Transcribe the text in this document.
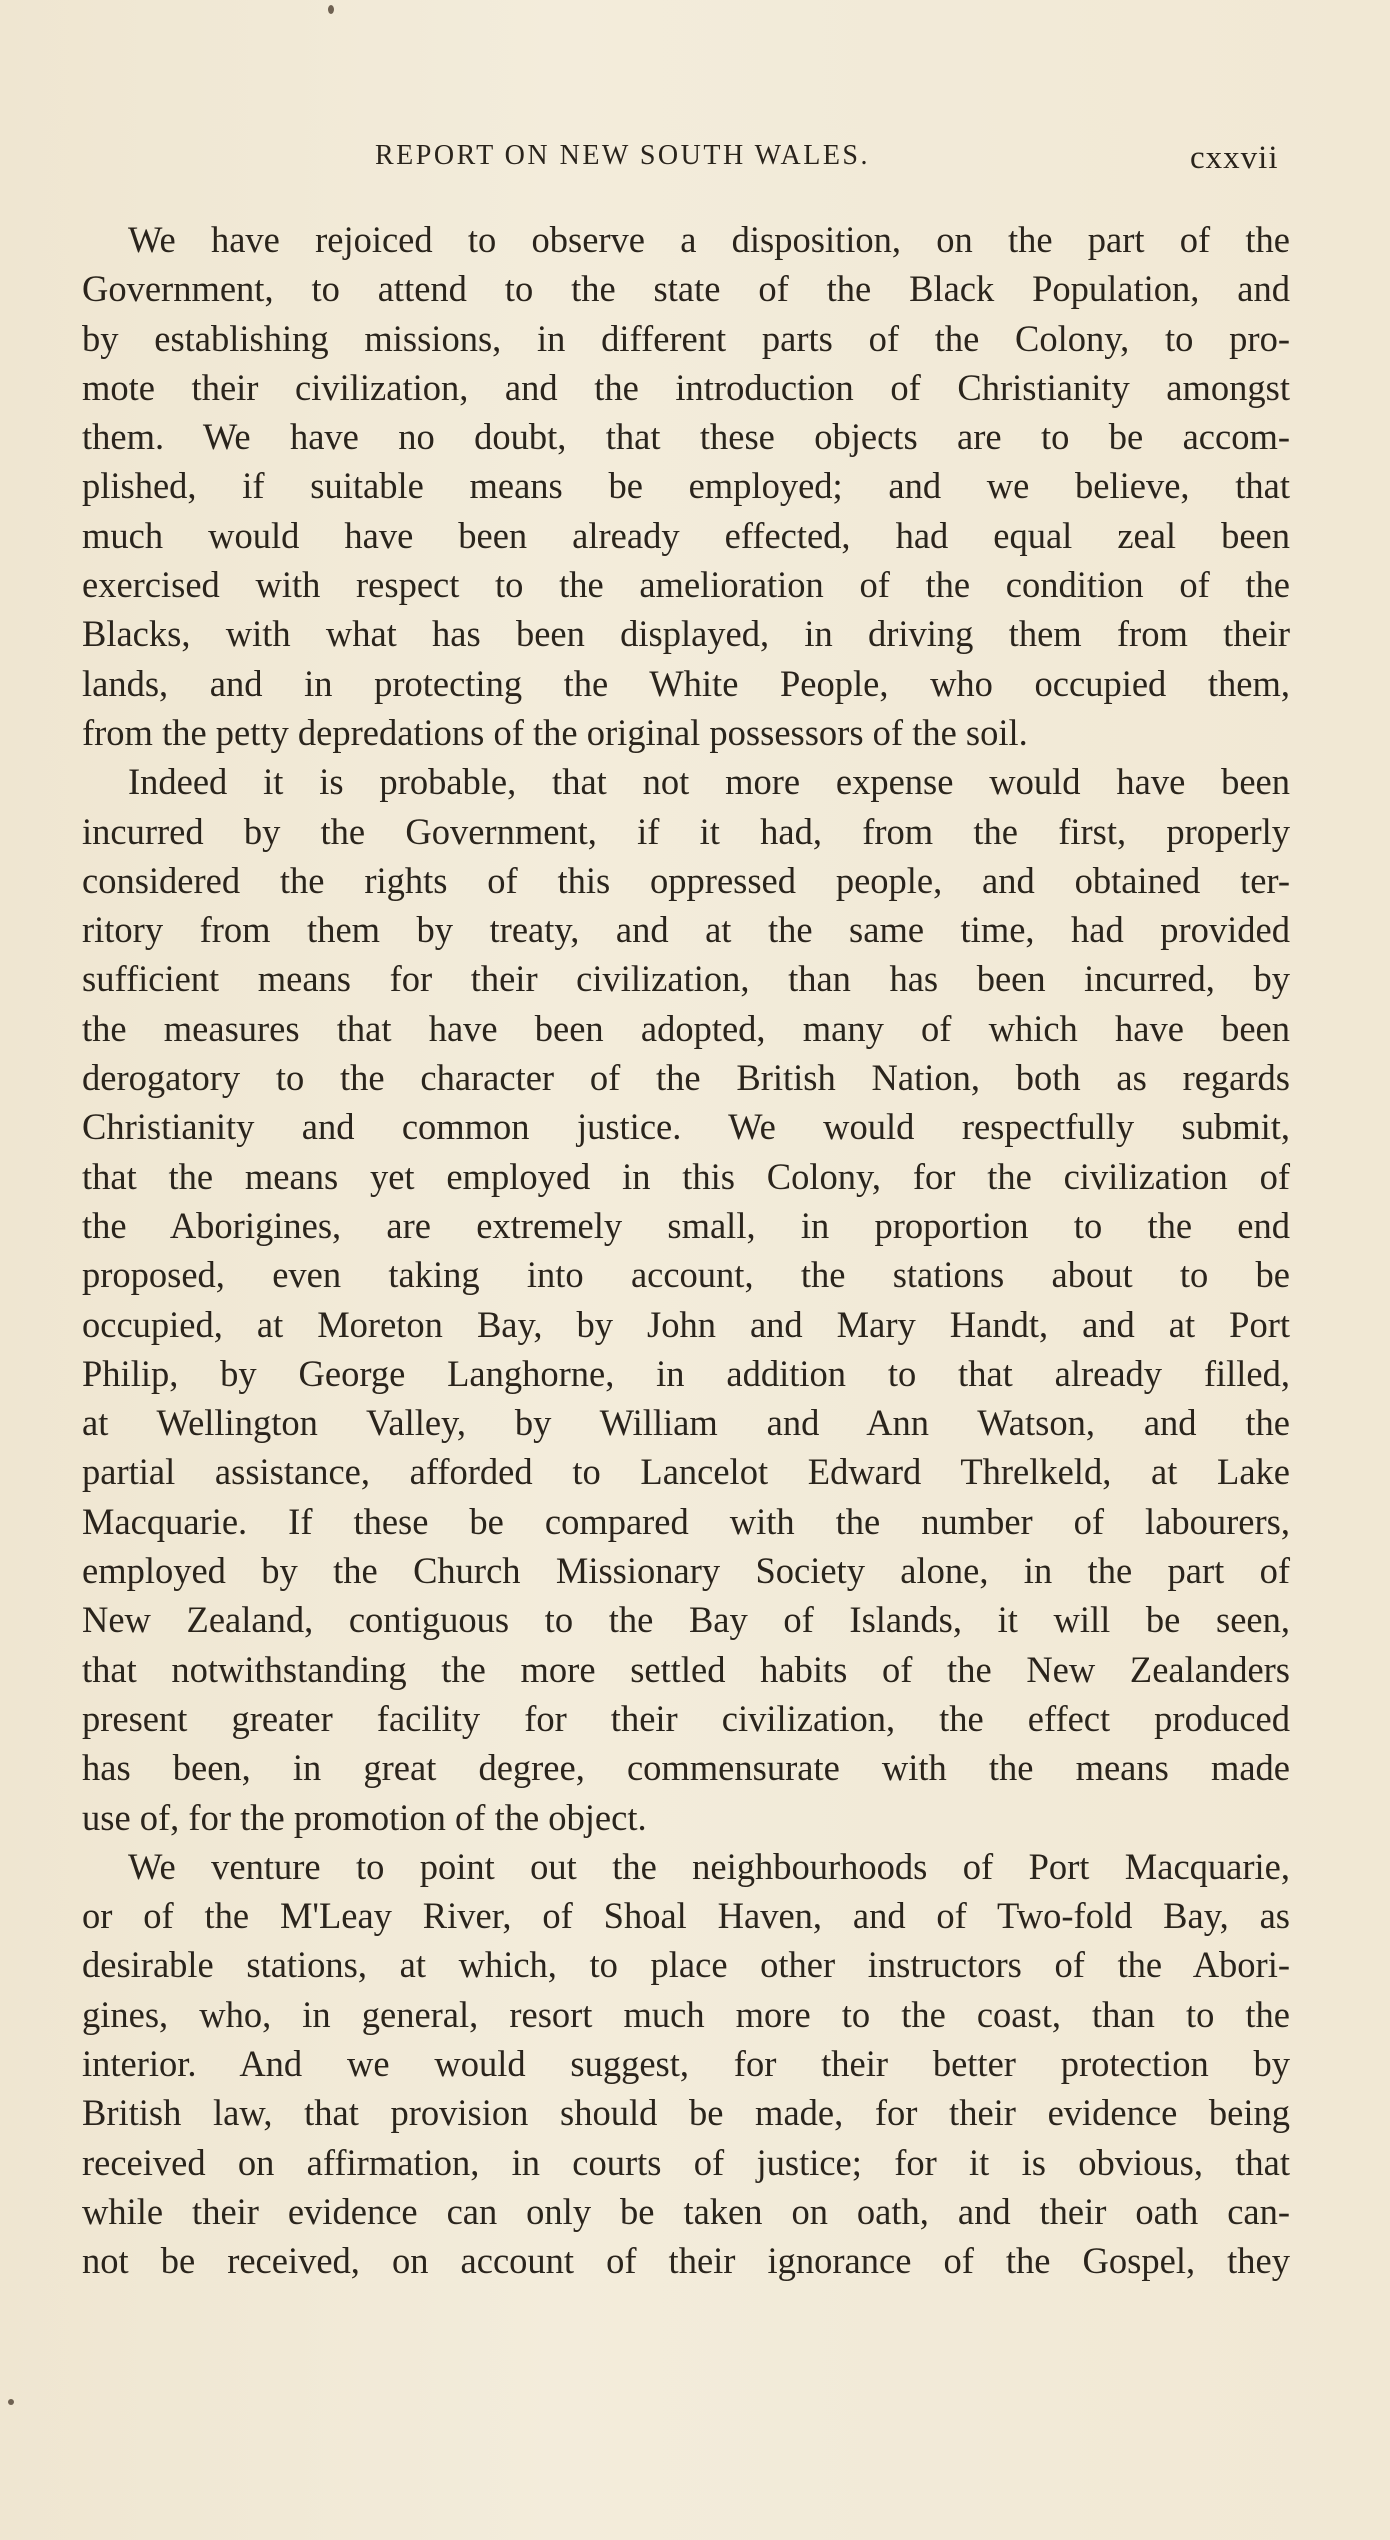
REPORT ON NEW SOUTH WALES.	cxxvii
We have rejoiced to observe a disposition, on the part of the
Government, to attend to the state of the Black Population, and
by establishing missions, in different parts of the Colony, to pro-
mote their civilization, and the introduction of Christianity amongst
them. We have no doubt, that these objects are to be accom-
plished, if suitable means be employed; and we believe, that
much would have been already effected, had equal zeal been
exercised with respect to the amelioration of the condition of the
Blacks, with what has been displayed, in driving them from their
lands, and in protecting the White People, who occupied them,
from the petty depredations of the original possessors of the soil.
Indeed it is probable, that not more expense would have been
incurred by the Government, if it had, from the first, properly
considered the rights of this oppressed people, and obtained ter-
ritory from them by treaty, and at the same time, had provided
sufficient means for their civilization, than has been incurred, by
the measures that have been adopted, many of which have been
derogatory to the character of the British Nation, both as regards
Christianity and common justice. We would respectfully submit,
that the means yet employed in this Colony, for the civilization of
the Aborigines, are extremely small, in proportion to the end
proposed, even taking into account, the stations about to be
occupied, at Moreton Bay, by John and Mary Handt, and at Port
Philip, by George Langhorne, in addition to that already filled,
at Wellington Valley, by William and Ann Watson, and the
partial assistance, afforded to Lancelot Edward Threlkeld, at Lake
Macquarie. If these be compared with the number of labourers,
employed by the Church Missionary Society alone, in the part of
New Zealand, contiguous to the Bay of Islands, it will be seen,
that notwithstanding the more settled habits of the New Zealanders
present greater facility for their civilization, the effect produced
has been, in great degree, commensurate with the means made
use of, for the promotion of the object.
We venture to point out the neighbourhoods of Port Macquarie,
or of the M'Leay River, of Shoal Haven, and of Two-fold Bay, as
desirable stations, at which, to place other instructors of the Abori-
gines, who, in general, resort much more to the coast, than to the
interior. And we would suggest, for their better protection by
British law, that provision should be made, for their evidence being
received on affirmation, in courts of justice; for it is obvious, that
while their evidence can only be taken on oath, and their oath can-
not be received, on account of their ignorance of the Gospel, they
